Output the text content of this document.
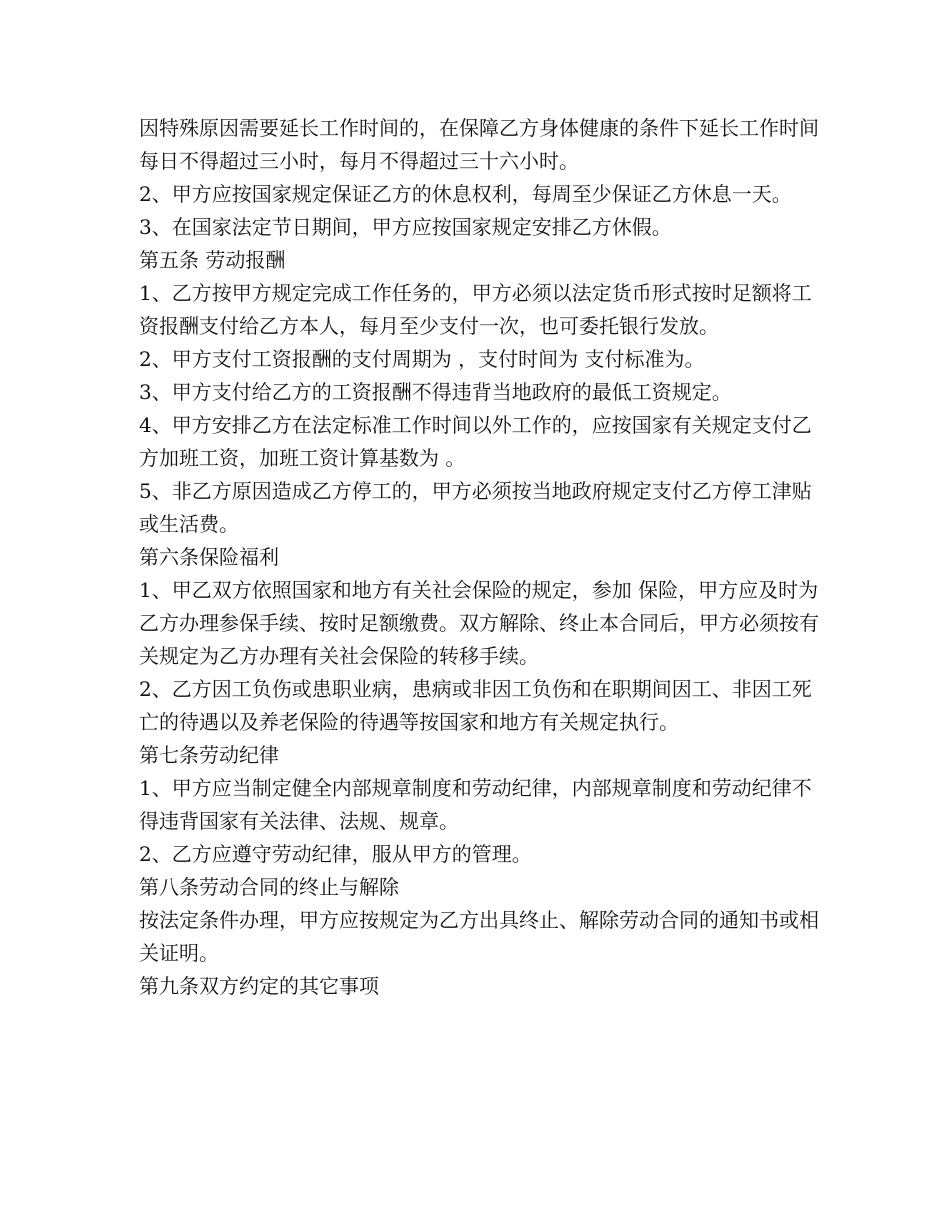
因特殊原因需要延长工作时间的，在保障乙方身体健康的条件下延长工作时间每日不得超过三小时，每月不得超过三十六小时。

2、甲方应按国家规定保证乙方的休息权利，每周至少保证乙方休息一天。

3、在国家法定节日期间，甲方应按国家规定安排乙方休假。

第五条 劳动报酬

1、乙方按甲方规定完成工作任务的，甲方必须以法定货币形式按时足额将工资报酬支付给乙方本人，每月至少支付一次，也可委托银行发放。

2、甲方支付工资报酬的支付周期为 ，支付时间为 支付标准为。

3、甲方支付给乙方的工资报酬不得违背当地政府的最低工资规定。

4、甲方安排乙方在法定标准工作时间以外工作的，应按国家有关规定支付乙方加班工资，加班工资计算基数为 。

5、非乙方原因造成乙方停工的，甲方必须按当地政府规定支付乙方停工津贴或生活费。

第六条保险福利

1、甲乙双方依照国家和地方有关社会保险的规定，参加 保险，甲方应及时为乙方办理参保手续、按时足额缴费。双方解除、终止本合同后，甲方必须按有关规定为乙方办理有关社会保险的转移手续。

2、乙方因工负伤或患职业病，患病或非因工负伤和在职期间因工、非因工死亡的待遇以及养老保险的待遇等按国家和地方有关规定执行。

第七条劳动纪律

1、甲方应当制定健全内部规章制度和劳动纪律，内部规章制度和劳动纪律不得违背国家有关法律、法规、规章。

2、乙方应遵守劳动纪律，服从甲方的管理。

第八条劳动合同的终止与解除

按法定条件办理，甲方应按规定为乙方出具终止、解除劳动合同的通知书或相关证明。

第九条双方约定的其它事项
